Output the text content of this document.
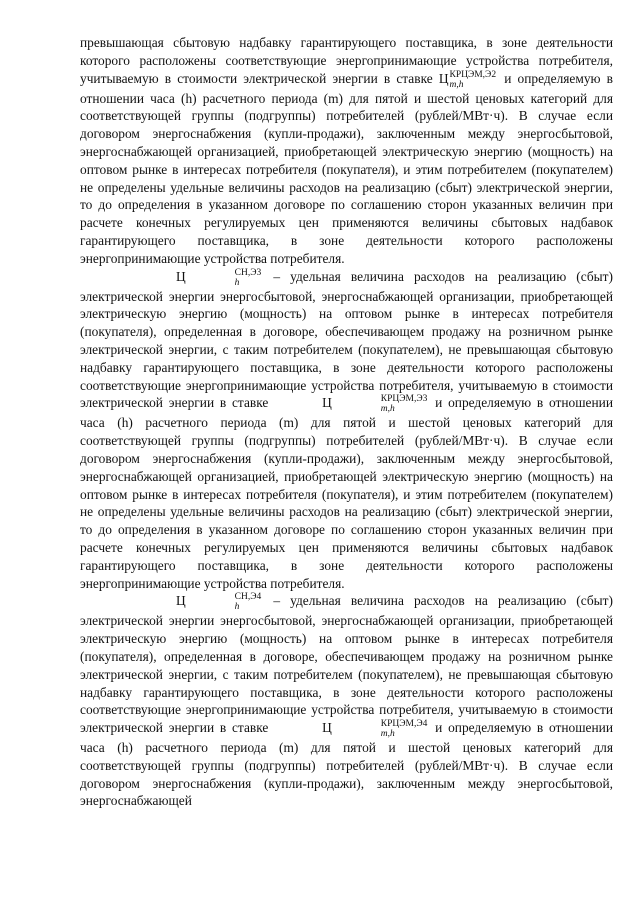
превышающая сбытовую надбавку гарантирующего поставщика, в зоне деятельности которого расположены соответствующие энергопринимающие устройства потребителя, учитываемую в стоимости электрической энергии в ставке Ц КРЦЭМ,Э2
m,h	и определяемую в отношении часа (h) расчетного периода (m) для пятой и шестой ценовых категорий для соответствующей группы (подгруппы) потребителей (рублей/МВт·ч). В случае если договором энергоснабжения (купли-продажи), заключенным между энергосбытовой, энергоснабжающей организацией, приобретающей электрическую энергию (мощность) на оптовом рынке в интересах потребителя (покупателя), и этим потребителем (покупателем) не определены удельные величины расходов на реализацию (сбыт) электрической энергии, то до определения в указанном договоре по соглашению сторон указанных величин при расчете конечных регулируемых цен применяются величины сбытовых надбавок гарантирующего поставщика, в зоне деятельности которого расположены энергопринимающие устройства потребителя.

Ц	СН,Э3
h	– удельная величина расходов на реализацию (сбыт) электрической энергии энергосбытовой, энергоснабжающей организации, приобретающей электрическую энергию (мощность) на оптовом рынке в интересах потребителя (покупателя), определенная в договоре, обеспечивающем продажу на розничном рынке электрической энергии, с таким потребителем (покупателем), не превышающая сбытовую надбавку гарантирующего поставщика, в зоне деятельности которого расположены соответствующие энергопринимающие устройства потребителя, учитываемую в стоимости электрической энергии в ставке	Ц	КРЦЭМ,Э3
m,h	и определяемую в отношении часа (h) расчетного периода (m) для пятой и шестой ценовых категорий для соответствующей группы (подгруппы) потребителей (рублей/МВт·ч). В случае если договором энергоснабжения (купли-продажи), заключенным между энергосбытовой, энергоснабжающей организацией, приобретающей электрическую энергию (мощность) на оптовом рынке в интересах потребителя (покупателя), и этим потребителем (покупателем) не определены удельные величины расходов на реализацию (сбыт) электрической энергии, то до определения в указанном договоре по соглашению сторон указанных величин при расчете конечных регулируемых цен применяются величины сбытовых надбавок гарантирующего поставщика, в зоне деятельности которого расположены энергопринимающие устройства потребителя.

Ц	СН,Э4
h	– удельная величина расходов на реализацию (сбыт) электрической энергии энергосбытовой, энергоснабжающей организации, приобретающей электрическую энергию (мощность) на оптовом рынке в интересах потребителя (покупателя), определенная в договоре, обеспечивающем продажу на розничном рынке электрической энергии, с таким потребителем (покупателем), не превышающая сбытовую надбавку гарантирующего поставщика, в зоне деятельности которого расположены соответствующие энергопринимающие устройства потребителя, учитываемую в стоимости электрической энергии в ставке	Ц	КРЦЭМ,Э4
m,h	и определяемую в отношении часа (h) расчетного периода (m) для пятой и шестой ценовых категорий для соответствующей группы (подгруппы) потребителей (рублей/МВт·ч). В случае если договором энергоснабжения (купли-продажи), заключенным между энергосбытовой, энергоснабжающей
